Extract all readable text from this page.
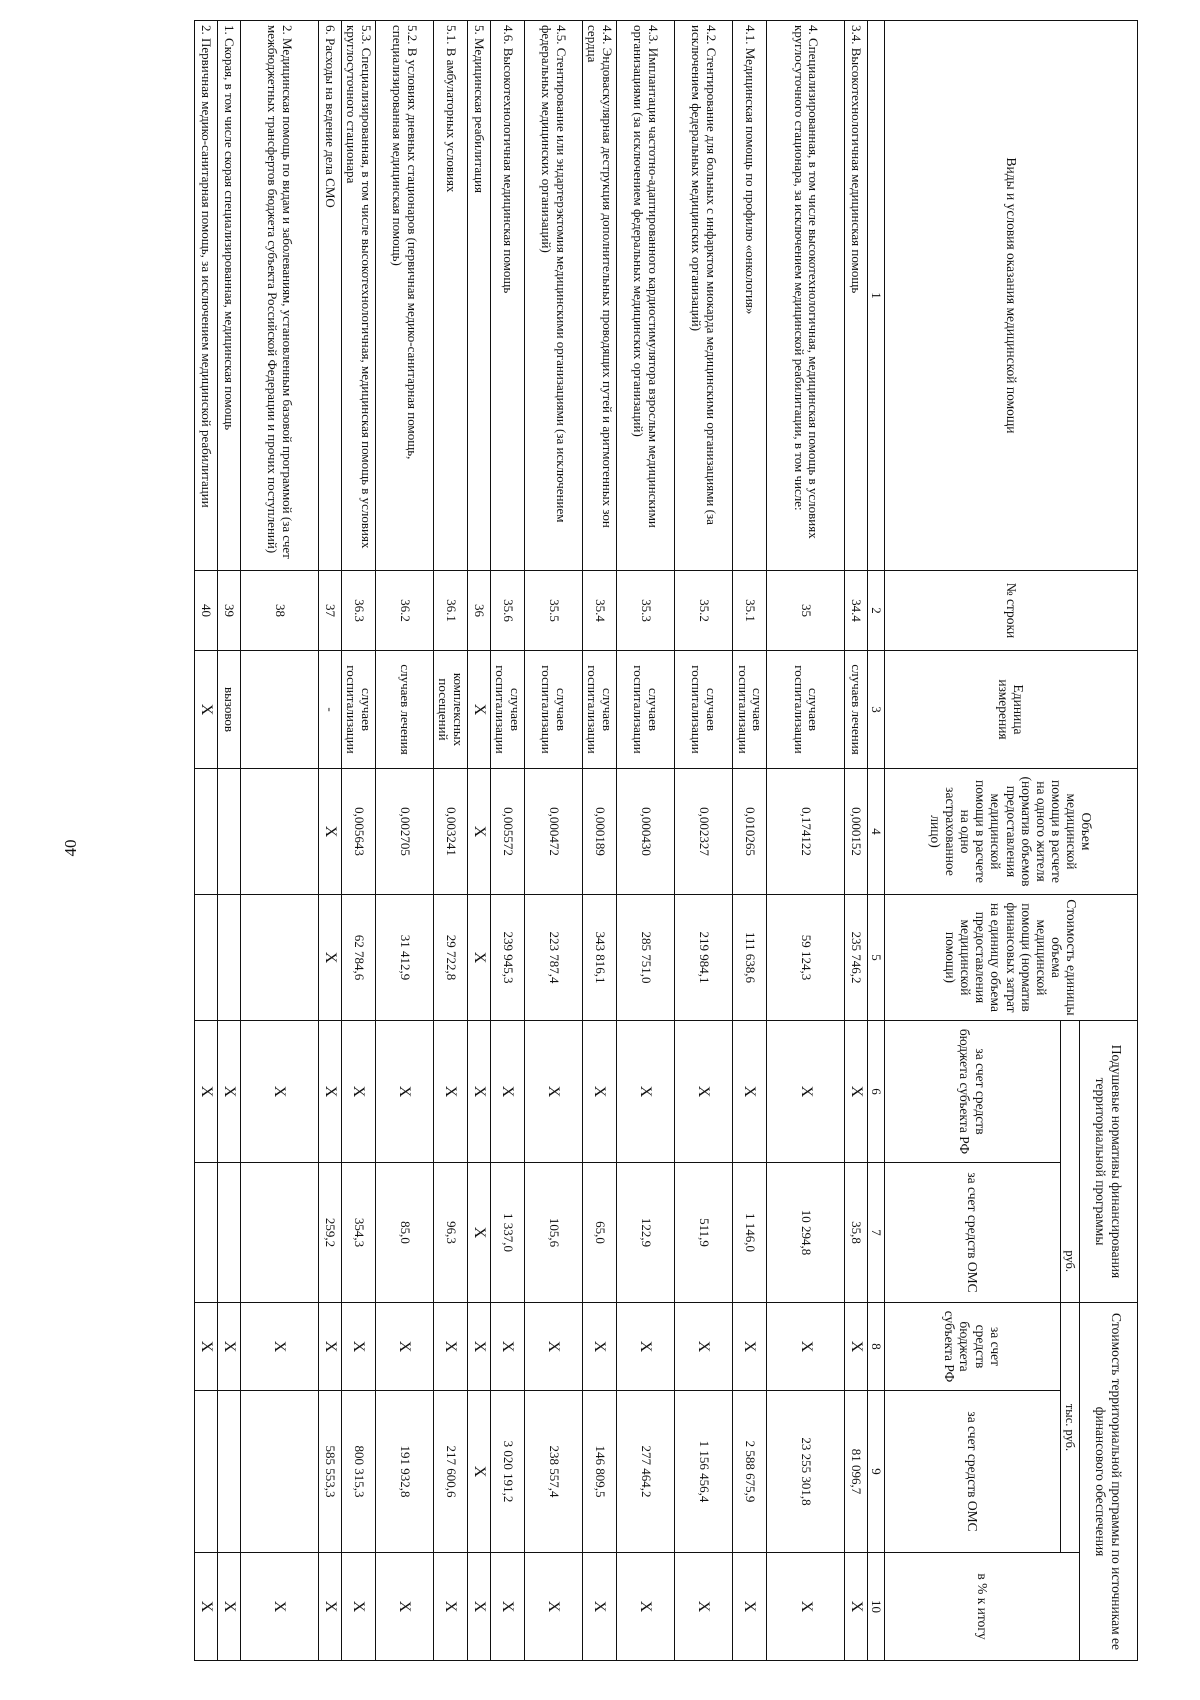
40
Виды и условия оказания медицинской помощи	№ строки	Единица измерения	Объем медицинской помощи в расчете на одного жителя (норматив объемов предоставления медицинской помощи в расчете на одно застрахованное лицо)	Стоимость единицы объема медицинской помощи (норматив финансовых затрат на единицу объема предоставления медицинской помощи)	Подушевые нормативы финансирования территориальной программы		Стоимость территориальной программы по источникам ее финансового обеспечения		
					руб.		тыс. руб.		в % к итогу
					за счет средств бюджета субъекта РФ	за счет средств ОМС	за счет средств бюджета субъекта РФ	за счет средств ОМС	
1	2	3	4	5	6	7	8	9	10
3.4. Высокотехнологичная медицинская помощь	34.4	случаев лечения	0,000152	235 746,2	X	35,8	X	81 096,7	X
4. Специализированная, в том числе высокотехнологичная, медицинская помощь в условиях круглосуточного стационара, за исключением медицинской реабилитации, в том числе:	35	случаев госпитализации	0,174122	59 124,3	X	10 294,8	X	23 255 301,8	X
4.1. Медицинская помощь по профилю «онкология»	35.1	случаев госпитализации	0,010265	111 638,6	X	1 146,0	X	2 588 675,9	X
4.2. Стентирование для больных с инфарктом миокарда медицинскими организациями (за исключением федеральных медицинских организаций)	35.2	случаев госпитализации	0,002327	219 984,1	X	511,9	X	1 156 456,4	X
4.3. Имплантация частотно-адаптированного кардиостимулятора взрослым медицинскими организациями (за исключением федеральных медицинских организаций)	35.3	случаев госпитализации	0,000430	285 751,0	X	122,9	X	277 464,2	X
4.4. Эндоваскулярная деструкция дополнительных проводящих путей и аритмогенных зон сердца	35.4	случаев госпитализации	0,000189	343 816,1	X	65,0	X	146 809,5	X
4.5. Стентирование или эндартерэктомия медицинскими организациями (за исключением федеральных медицинских организаций)	35.5	случаев госпитализации	0,000472	223 787,4	X	105,6	X	238 557,4	X
4.6. Высокотехнологичная медицинская помощь	35.6	случаев госпитализации	0,005572	239 945,3	X	1 337,0	X	3 020 191,2	X
5. Медицинская реабилитация	36	X	X	X	X	X	X	X	X
5.1. В амбулаторных условиях	36.1	комплексных посещений	0,003241	29 722,8	X	96,3	X	217 600,6	X
5.2. В условиях дневных стационаров (первичная медико-санитарная помощь, специализированная медицинская помощь)	36.2	случаев лечения	0,002705	31 412,9	X	85,0	X	191 932,8	X
5.3. Специализированная, в том числе высокотехнологичная, медицинская помощь в условиях круглосуточного стационара	36.3	случаев госпитализации	0,005643	62 784,6	X	354,3	X	800 315,3	X
6. Расходы на ведение дела СМО	37	-	X	X	X	259,2	X	585 553,3	X
2. Медицинская помощь по видам и заболеваниям, установленным базовой программой (за счет межбюджетных трансфертов бюджета субъекта Российской Федерации и прочих поступлений)	38				X		X		X
1. Скорая, в том числе скорая специализированная, медицинская помощь	39	вызовов			X		X		X
2. Первичная медико-санитарная помощь, за исключением медицинской реабилитации	40	X			X		X		X
